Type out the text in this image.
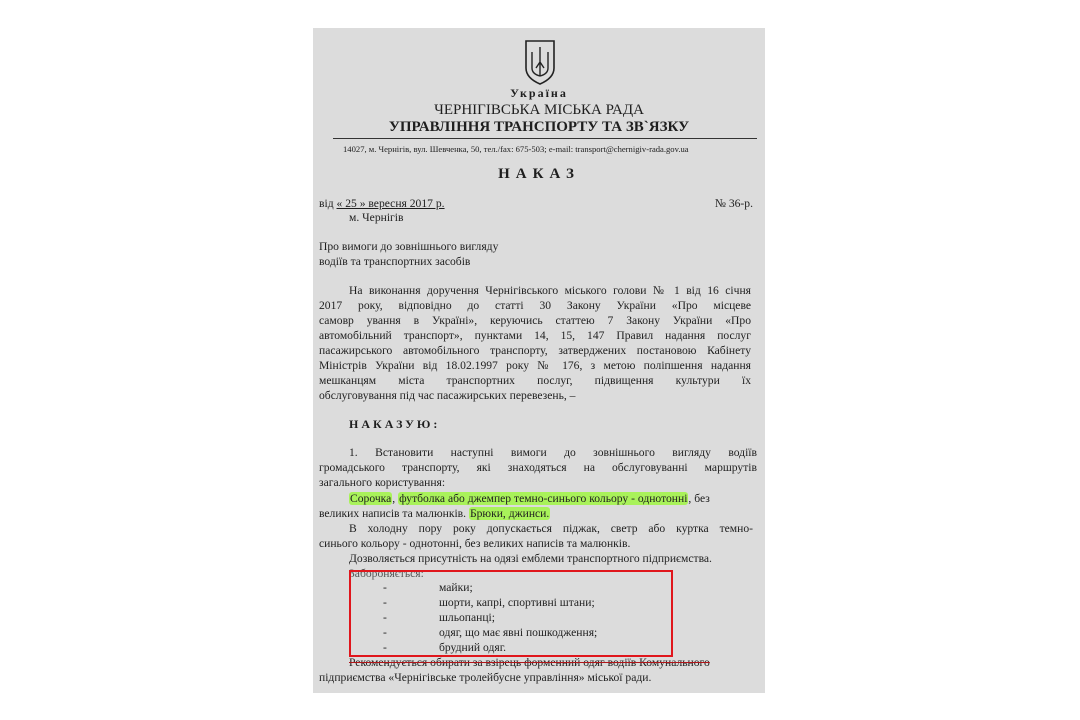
Україна
ЧЕРНІГІВСЬКА МІСЬКА РАДА
УПРАВЛІННЯ ТРАНСПОРТУ ТА ЗВ`ЯЗКУ
14027, м. Чернігів, вул. Шевченка, 50, тел./fax: 675-503; e-mail: transport@chernigiv-rada.gov.ua
НАКАЗ
від « 25 » вересня 2017 р.	№ 36-р.
м. Чернігів
Про вимоги до зовнішнього вигляду
водіїв та транспортних засобів
На виконання доручення Чернігівського міського голови № 1 від 16 січня
2017 року, відповідно до статті 30 Закону України «Про місцеве
самовр ування в Україні», керуючись статтею 7 Закону України «Про
автомобільний транспорт», пунктами 14, 15, 147 Правил надання послуг
пасажирського автомобільного транспорту, затверджених постановою Кабінету
Міністрів України від 18.02.1997 року № 176, з метою поліпшення надання
мешканцям міста транспортних послуг, підвищення культури їх
обслуговування під час пасажирських перевезень, –
НАКАЗУЮ:
1. Встановити наступні вимоги до зовнішнього вигляду водіїв
громадського транспорту, які знаходяться на обслуговуванні маршрутів
загального користування:
Сорочка, футболка або джемпер темно-синього кольору - однотонні, без
великих написів та малюнків. Брюки, джинси.
В холодну пору року допускається піджак, светр або куртка темно-
синього кольору - однотонні, без великих написів та малюнків.
Дозволяється присутність на одязі емблеми транспортного підприємства.
Забороняється:
-	майки;
-	шорти, капрі, спортивні штани;
-	шльопанці;
-	одяг, що має явні пошкодження;
-	брудний одяг.
Рекомендується обирати за взірець форменний одяг водіїв Комунального
підприємства «Чернігівське тролейбусне управління» міської ради.
